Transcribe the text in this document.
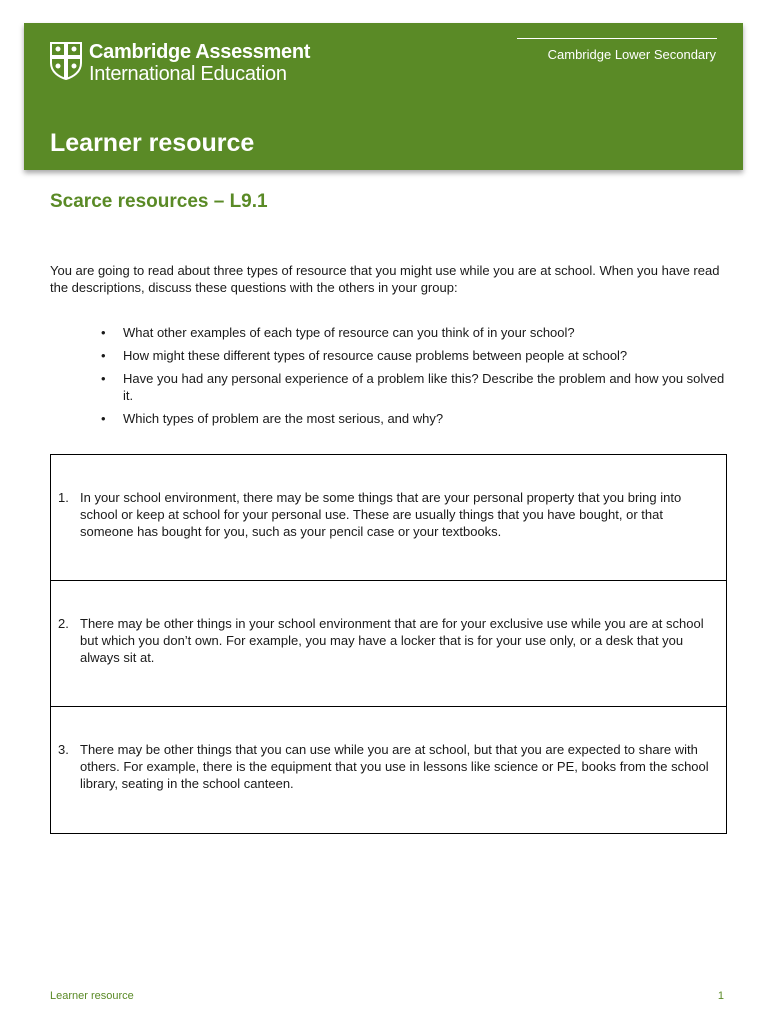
Cambridge Assessment
International Education
Cambridge Lower Secondary
Learner resource
Scarce resources – L9.1

You are going to read about three types of resource that you might use while you are at school. When you have read the descriptions, discuss these questions with the others in your group:

• What other examples of each type of resource can you think of in your school?
• How might these different types of resource cause problems between people at school?
• Have you had any personal experience of a problem like this? Describe the problem and how you solved it.
• Which types of problem are the most serious, and why?
1. In your school environment, there may be some things that are your personal property that you bring into school or keep at school for your personal use. These are usually things that you have bought, or that someone has bought for you, such as your pencil case or your textbooks.
2. There may be other things in your school environment that are for your exclusive use while you are at school but which you don’t own. For example, you may have a locker that is for your use only, or a desk that you always sit at.
3. There may be other things that you can use while you are at school, but that you are expected to share with others. For example, there is the equipment that you use in lessons like science or PE, books from the school library, seating in the school canteen.
Learner resource	1
